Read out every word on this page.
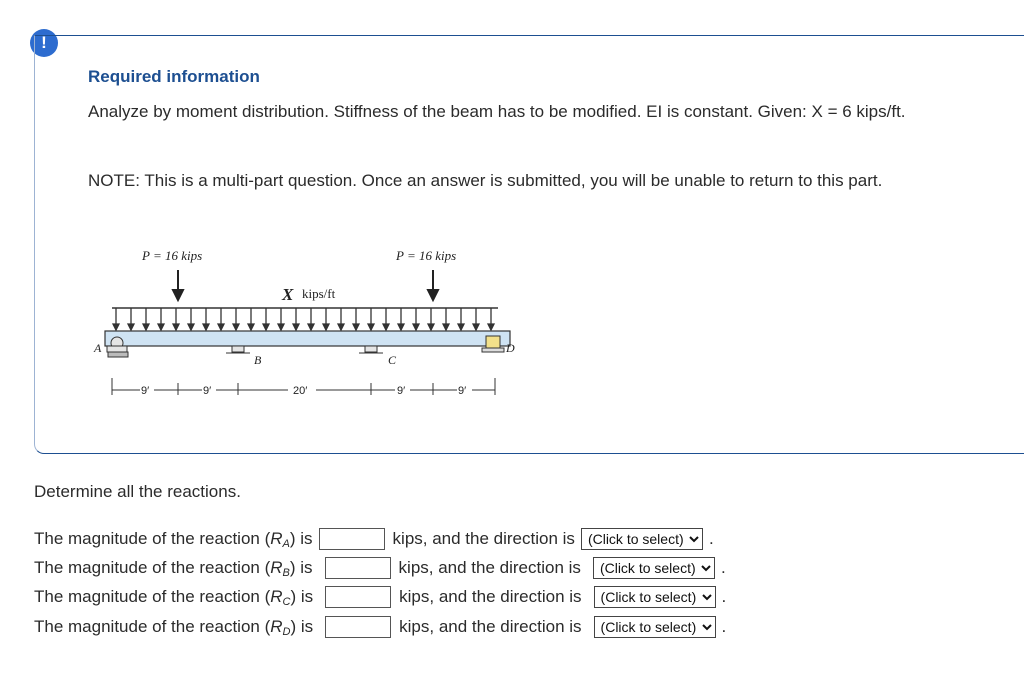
!
Required information

Analyze by moment distribution. Stiffness of the beam has to be modified. EI is constant. Given: X = 6 kips/ft.

NOTE: This is a multi-part question. Once an answer is submitted, you will be unable to return to this part.

P = 16 kips	P = 16 kips
X kips/ft
A
B	C
D
9′	9′	20′	9′	9′

Determine all the reactions.

The magnitude of the reaction $(R_A)$ is	kips, and the direction is
(Click to select)	.
The magnitude of the reaction $(R_B)$ is	kips, and the direction is
(Click to select)	.
The magnitude of the reaction $(R_C)$ is	kips, and the direction is
(Click to select)	.
The magnitude of the reaction $(R_D)$ is	kips, and the direction is
(Click to select)	.
